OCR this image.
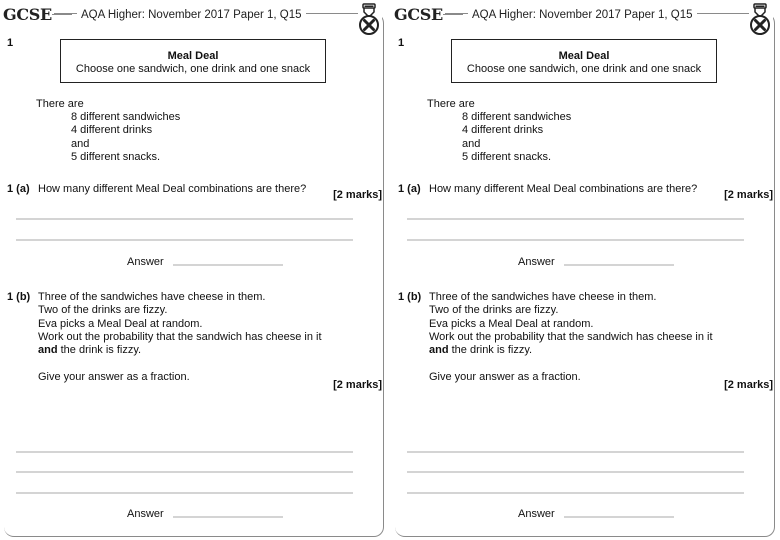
GCSE	AQA Higher: November 2017 Paper 1, Q15
1
Meal Deal
Choose one sandwich, one drink and one snack
There are
8 different sandwiches
4 different drinks
and
5 different snacks.
1 (a) How many different Meal Deal combinations are there? [2 marks]
Answer
1 (b) Three of the sandwiches have cheese in them.
Two of the drinks are fizzy.
Eva picks a Meal Deal at random.
Work out the probability that the sandwich has cheese in it
and the drink is fizzy.
Give your answer as a fraction.
[2 marks]
Answer
GCSE	AQA Higher: November 2017 Paper 1, Q15
1
Meal Deal
Choose one sandwich, one drink and one snack
There are
8 different sandwiches
4 different drinks
and
5 different snacks.
1 (a) How many different Meal Deal combinations are there? [2 marks]
Answer
1 (b) Three of the sandwiches have cheese in them.
Two of the drinks are fizzy.
Eva picks a Meal Deal at random.
Work out the probability that the sandwich has cheese in it
and the drink is fizzy.
Give your answer as a fraction.
[2 marks]
Answer
